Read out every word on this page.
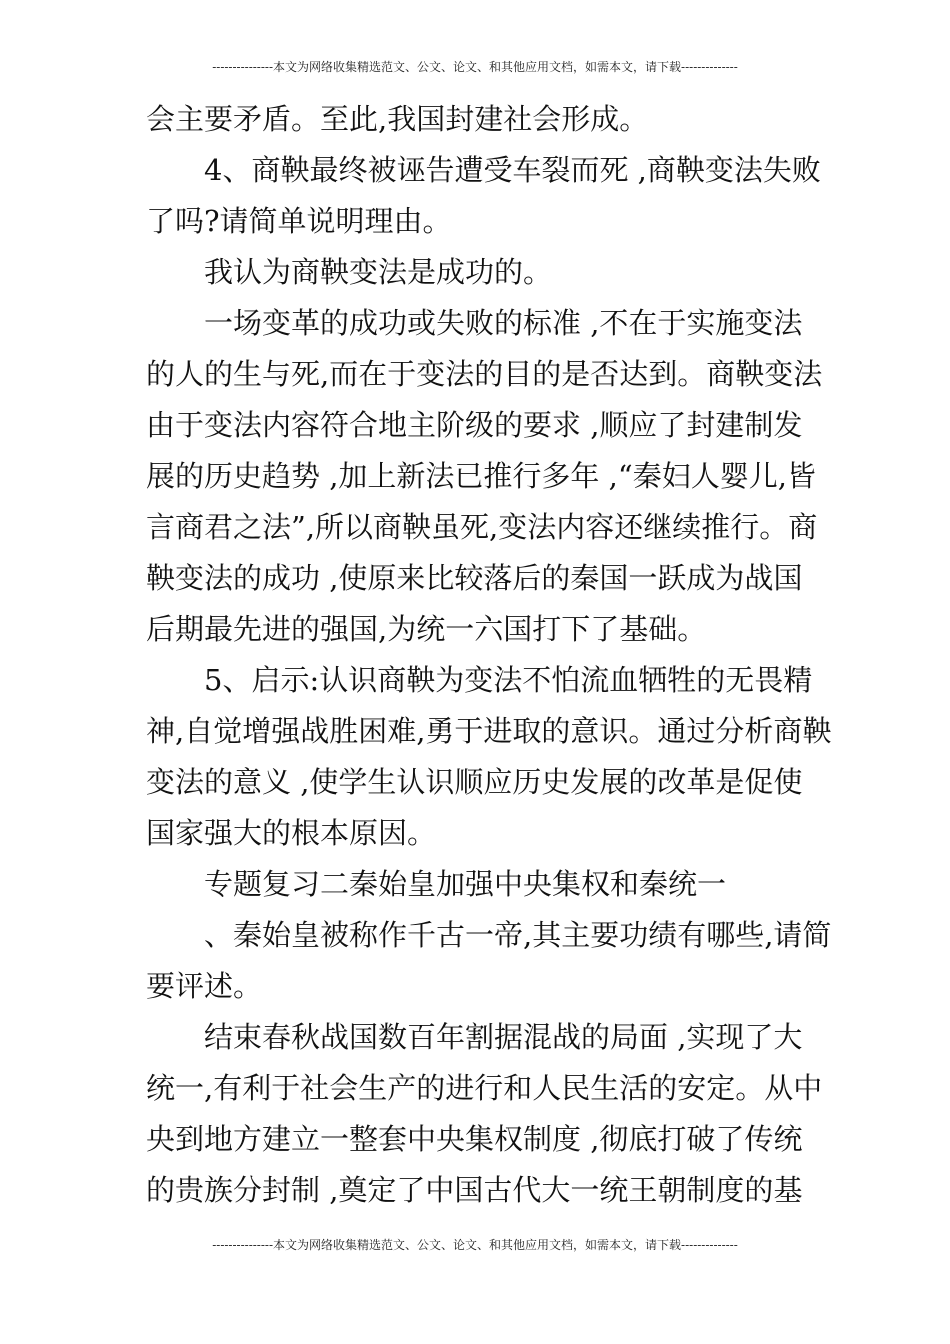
---------------本文为网络收集精选范文、公文、论文、和其他应用文档，如需本文，请下载--------------
会主要矛盾。至此,我国封建社会形成。
4、商鞅最终被诬告遭受车裂而死 ,商鞅变法失败
了吗?请简单说明理由。
我认为商鞅变法是成功的。
一场变革的成功或失败的标准 ,不在于实施变法
的人的生与死,而在于变法的目的是否达到。商鞅变法
由于变法内容符合地主阶级的要求 ,顺应了封建制发
展的历史趋势 ,加上新法已推行多年 ,“秦妇人婴儿,皆
言商君之法”,所以商鞅虽死,变法内容还继续推行。商
鞅变法的成功 ,使原来比较落后的秦国一跃成为战国
后期最先进的强国,为统一六国打下了基础。
5、启示:认识商鞅为变法不怕流血牺牲的无畏精
神,自觉增强战胜困难,勇于进取的意识。通过分析商鞅
变法的意义 ,使学生认识顺应历史发展的改革是促使
国家强大的根本原因。
专题复习二秦始皇加强中央集权和秦统一
、秦始皇被称作千古一帝,其主要功绩有哪些,请简
要评述。
结束春秋战国数百年割据混战的局面 ,实现了大
统一,有利于社会生产的进行和人民生活的安定。从中
央到地方建立一整套中央集权制度 ,彻底打破了传统
的贵族分封制 ,奠定了中国古代大一统王朝制度的基
---------------本文为网络收集精选范文、公文、论文、和其他应用文档，如需本文，请下载--------------
